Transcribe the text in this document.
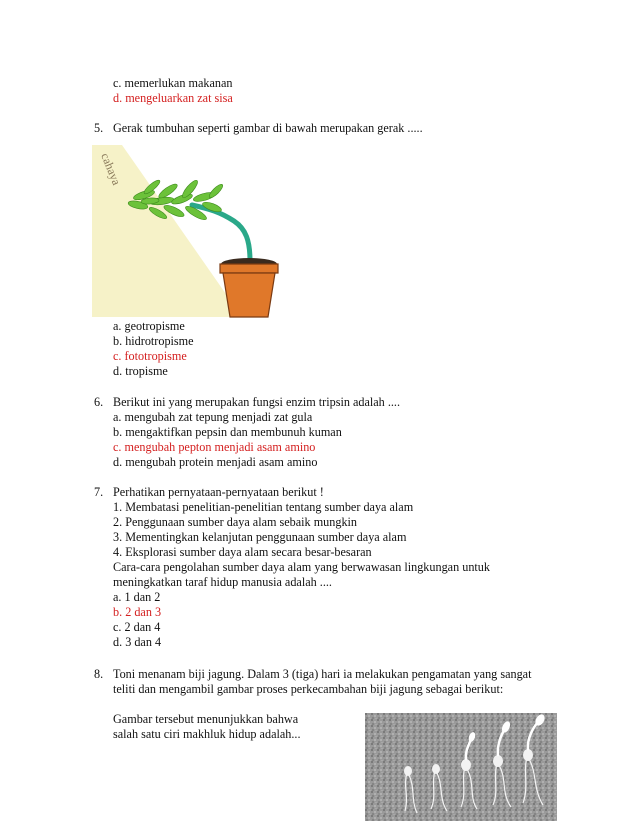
c. memerlukan makanan
d. mengeluarkan zat sisa
5. Gerak tumbuhan seperti gambar di bawah merupakan gerak .....
cahaya
a. geotropisme
b. hidrotropisme
c. fototropisme
d. tropisme
6. Berikut ini yang merupakan fungsi enzim tripsin adalah ....
a. mengubah zat tepung menjadi zat gula
b. mengaktifkan pepsin dan membunuh kuman
c. mengubah pepton menjadi asam amino
d. mengubah protein menjadi asam amino
7. Perhatikan pernyataan-pernyataan berikut !
1. Membatasi penelitian-penelitian tentang sumber daya alam
2. Penggunaan sumber daya alam sebaik mungkin
3. Mementingkan kelanjutan penggunaan sumber daya alam
4. Eksplorasi sumber daya alam secara besar-besaran
Cara-cara pengolahan sumber daya alam yang berwawasan lingkungan untuk
meningkatkan taraf hidup manusia adalah ....
a. 1 dan 2
b. 2 dan 3
c. 2 dan 4
d. 3 dan 4
8. Toni menanam biji jagung. Dalam 3 (tiga) hari ia melakukan pengamatan yang sangat
teliti dan mengambil gambar proses perkecambahan biji jagung sebagai berikut:
Gambar tersebut menunjukkan bahwa
salah satu ciri makhluk hidup adalah...
